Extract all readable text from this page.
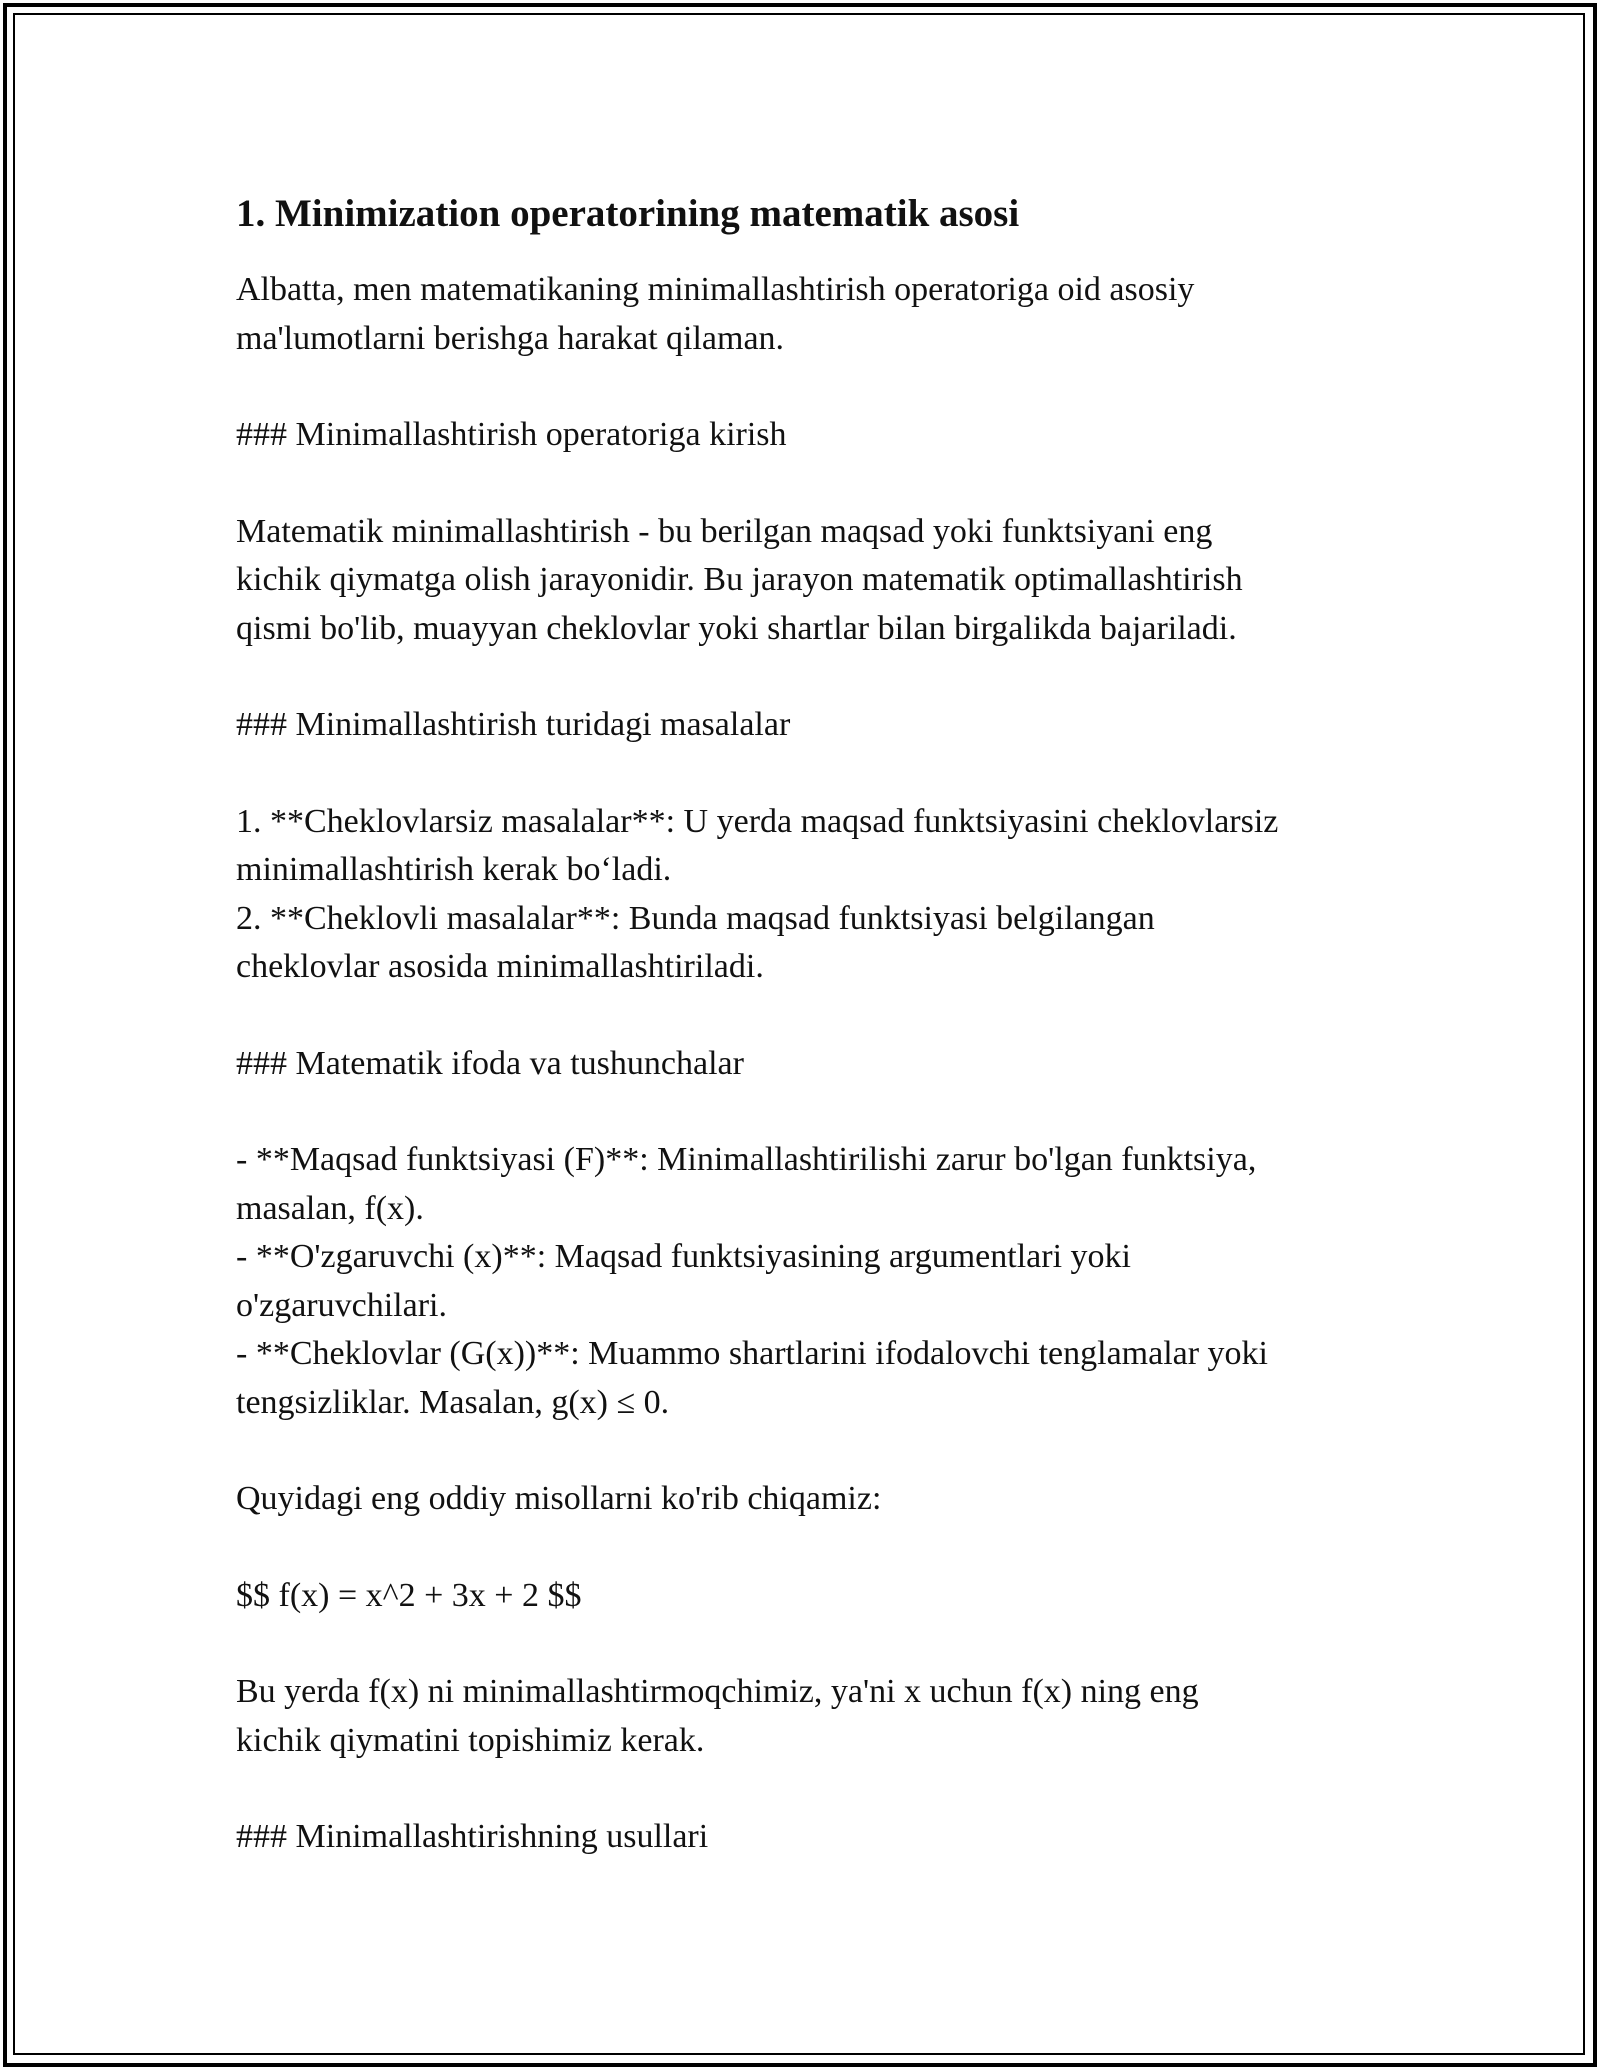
1. Minimization operatorining matematik asosi

Albatta, men matematikaning minimallashtirish operatoriga oid asosiy
ma'lumotlarni berishga harakat qilaman.

### Minimallashtirish operatoriga kirish

Matematik minimallashtirish - bu berilgan maqsad yoki funktsiyani eng
kichik qiymatga olish jarayonidir. Bu jarayon matematik optimallashtirish
qismi bo'lib, muayyan cheklovlar yoki shartlar bilan birgalikda bajariladi.

### Minimallashtirish turidagi masalalar

1. **Cheklovlarsiz masalalar**: U yerda maqsad funktsiyasini cheklovlarsiz
minimallashtirish kerak bo‘ladi.
2. **Cheklovli masalalar**: Bunda maqsad funktsiyasi belgilangan
cheklovlar asosida minimallashtiriladi.

### Matematik ifoda va tushunchalar

- **Maqsad funktsiyasi (F)**: Minimallashtirilishi zarur bo'lgan funktsiya,
masalan, f(x).
- **O'zgaruvchi (x)**: Maqsad funktsiyasining argumentlari yoki
o'zgaruvchilari.
- **Cheklovlar (G(x))**: Muammo shartlarini ifodalovchi tenglamalar yoki
tengsizliklar. Masalan, g(x) ≤ 0.

Quyidagi eng oddiy misollarni ko'rib chiqamiz:

$$ f(x) = x^2 + 3x + 2 $$

Bu yerda f(x) ni minimallashtirmoqchimiz, ya'ni x uchun f(x) ning eng
kichik qiymatini topishimiz kerak.

### Minimallashtirishning usullari
